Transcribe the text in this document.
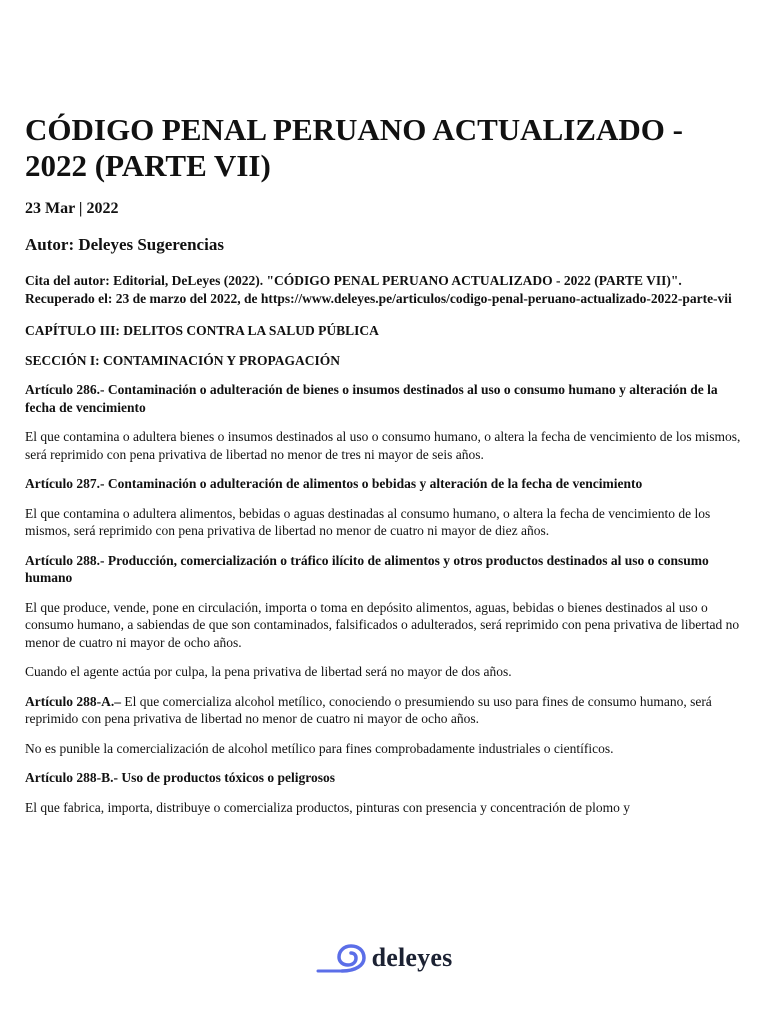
CÓDIGO PENAL PERUANO ACTUALIZADO - 2022 (PARTE VII)
23 Mar | 2022
Autor: Deleyes Sugerencias
Cita del autor: Editorial, DeLeyes (2022). "CÓDIGO PENAL PERUANO ACTUALIZADO - 2022 (PARTE VII)". Recuperado el: 23 de marzo del 2022, de https://www.deleyes.pe/articulos/codigo-penal-peruano-actualizado-2022-parte-vii
CAPÍTULO III: DELITOS CONTRA LA SALUD PÚBLICA
SECCIÓN I: CONTAMINACIÓN Y PROPAGACIÓN
Artículo 286.- Contaminación o adulteración de bienes o insumos destinados al uso o consumo humano y alteración de la fecha de vencimiento
El que contamina o adultera bienes o insumos destinados al uso o consumo humano, o altera la fecha de vencimiento de los mismos, será reprimido con pena privativa de libertad no menor de tres ni mayor de seis años.
Artículo 287.- Contaminación o adulteración de alimentos o bebidas y alteración de la fecha de vencimiento
El que contamina o adultera alimentos, bebidas o aguas destinadas al consumo humano, o altera la fecha de vencimiento de los mismos, será reprimido con pena privativa de libertad no menor de cuatro ni mayor de diez años.
Artículo 288.- Producción, comercialización o tráfico ilícito de alimentos y otros productos destinados al uso o consumo humano
El que produce, vende, pone en circulación, importa o toma en depósito alimentos, aguas, bebidas o bienes destinados al uso o consumo humano, a sabiendas de que son contaminados, falsificados o adulterados, será reprimido con pena privativa de libertad no menor de cuatro ni mayor de ocho años.
Cuando el agente actúa por culpa, la pena privativa de libertad será no mayor de dos años.
Artículo 288-A.– El que comercializa alcohol metílico, conociendo o presumiendo su uso para fines de consumo humano, será reprimido con pena privativa de libertad no menor de cuatro ni mayor de ocho años.
No es punible la comercialización de alcohol metílico para fines comprobadamente industriales o científicos.
Artículo 288-B.- Uso de productos tóxicos o peligrosos
El que fabrica, importa, distribuye o comercializa productos, pinturas con presencia y concentración de plomo y
deleyes
